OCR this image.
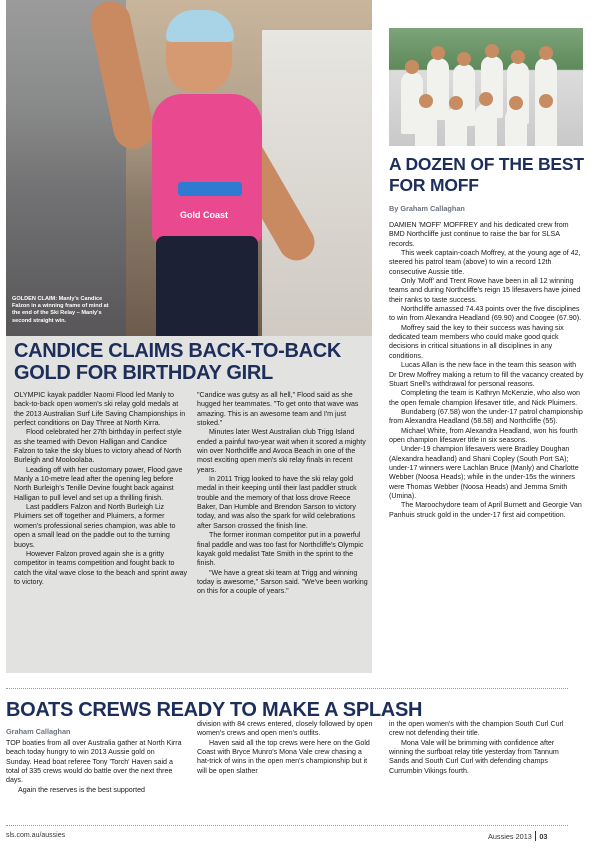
Gold Coast
GOLDEN CLAIM: Manly's Candice Falzon in a winning frame of mind at the end of the Ski Relay – Manly's second straight win.
A DOZEN OF THE BEST FOR MOFF
By Graham Callaghan

DAMIEN 'MOFF' MOFFREY and his dedicated crew from BMD Northcliffe just continue to raise the bar for SLSA records.

This week captain-coach Moffrey, at the young age of 42, steered his patrol team (above) to win a record 12th consecutive Aussie title.

Only 'Moff' and Trent Rowe have been in all 12 winning teams and during Northcliffe's reign 15 lifesavers have joined their ranks to taste success.

Northcliffe amassed 74.43 points over the five disciplines to win from Alexandra Headland (69.90) and Coogee (67.90).

Moffrey said the key to their success was having six dedicated team members who could make good quick decisions in critical situations in all disciplines in any conditions.

Lucas Allan is the new face in the team this season with Dr Drew Moffrey making a return to fill the vacancy created by Stuart Snell's withdrawal for personal reasons.

Completing the team is Kathryn McKenzie, who also won the open female champion lifesaver title, and Nick Pluimers.

Bundaberg (67.58) won the under-17 patrol championship from Alexandra Headland (58.58) and Northcliffe (55).

Michael White, from Alexandra Headland, won his fourth open champion lifesaver title in six seasons.

Under-19 champion lifesavers were Bradley Doughan (Alexandra headland) and Shani Copley (South Port SA); under-17 winners were Lachlan Bruce (Manly) and Charlotte Webber (Noosa Heads); while in the under-15s the winners were Thomas Webber (Noosa Heads) and Jemma Smith (Umina).

The Maroochydore team of April Burnett and Georgie Van Panhuis struck gold in the under-17 first aid competition.

CANDICE CLAIMS BACK-TO-BACK GOLD FOR BIRTHDAY GIRL

OLYMPIC kayak paddler Naomi Flood led Manly to back-to-back open women's ski relay gold medals at the 2013 Australian Surf Life Saving Championships in perfect conditions on Day Three at North Kirra.

Flood celebrated her 27th birthday in perfect style as she teamed with Devon Halligan and Candice Falzon to take the sky blues to victory ahead of North Burleigh and Mooloolaba.

Leading off with her customary power, Flood gave Manly a 10-metre lead after the opening leg before North Burleigh's Tenille Devine fought back against Halligan to pull level and set up a thrilling finish.

Last paddlers Falzon and North Burleigh Liz Pluimers set off together and Pluimers, a former women's professional series champion, was able to open a small lead on the paddle out to the turning buoys.

However Falzon proved again she is a gritty competitor in teams competition and fought back to catch the vital wave close to the beach and sprint away to victory.

"Candice was gutsy as all hell," Flood said as she hugged her teammates. "To get onto that wave was amazing. This is an awesome team and I'm just stoked."

Minutes later West Australian club Trigg Island ended a painful two-year wait when it scored a mighty win over Northcliffe and Avoca Beach in one of the most exciting open men's ski relay finals in recent years.

In 2011 Trigg looked to have the ski relay gold medal in their keeping until their last paddler struck trouble and the memory of that loss drove Reece Baker, Dan Humble and Brendon Sarson to victory today, and was also the spark for wild celebrations after Sarson crossed the finish line.

The former ironman competitor put in a powerful final paddle and was too fast for Northcliffe's Olympic kayak gold medalist Tate Smith in the sprint to the finish.

"We have a great ski team at Trigg and winning today is awesome," Sarson said. "We've been working on this for a couple of years."

BOATS CREWS READY TO MAKE A SPLASH
Graham Callaghan

TOP boaties from all over Australia gather at North Kirra beach today hungry to win 2013 Aussie gold on Sunday. Head boat referee Tony 'Torch' Haven said a total of 335 crews would do battle over the next three days.

Again the reserves is the best supported

division with 84 crews entered, closely followed by open women's crews and open men's outfits.

Haven said all the top crews were here on the Gold Coast with Bryce Munro's Mona Vale crew chasing a hat-trick of wins in the open men's championship but it will be open slather

in the open women's with the champion South Curl Curl crew not defending their title.

Mona Vale will be brimming with confidence after winning the surfboat relay title yesterday from Tannum Sands and South Curl Curl with defending champs Currumbin Vikings fourth.

sls.com.au/aussies	Aussies 2013 03
